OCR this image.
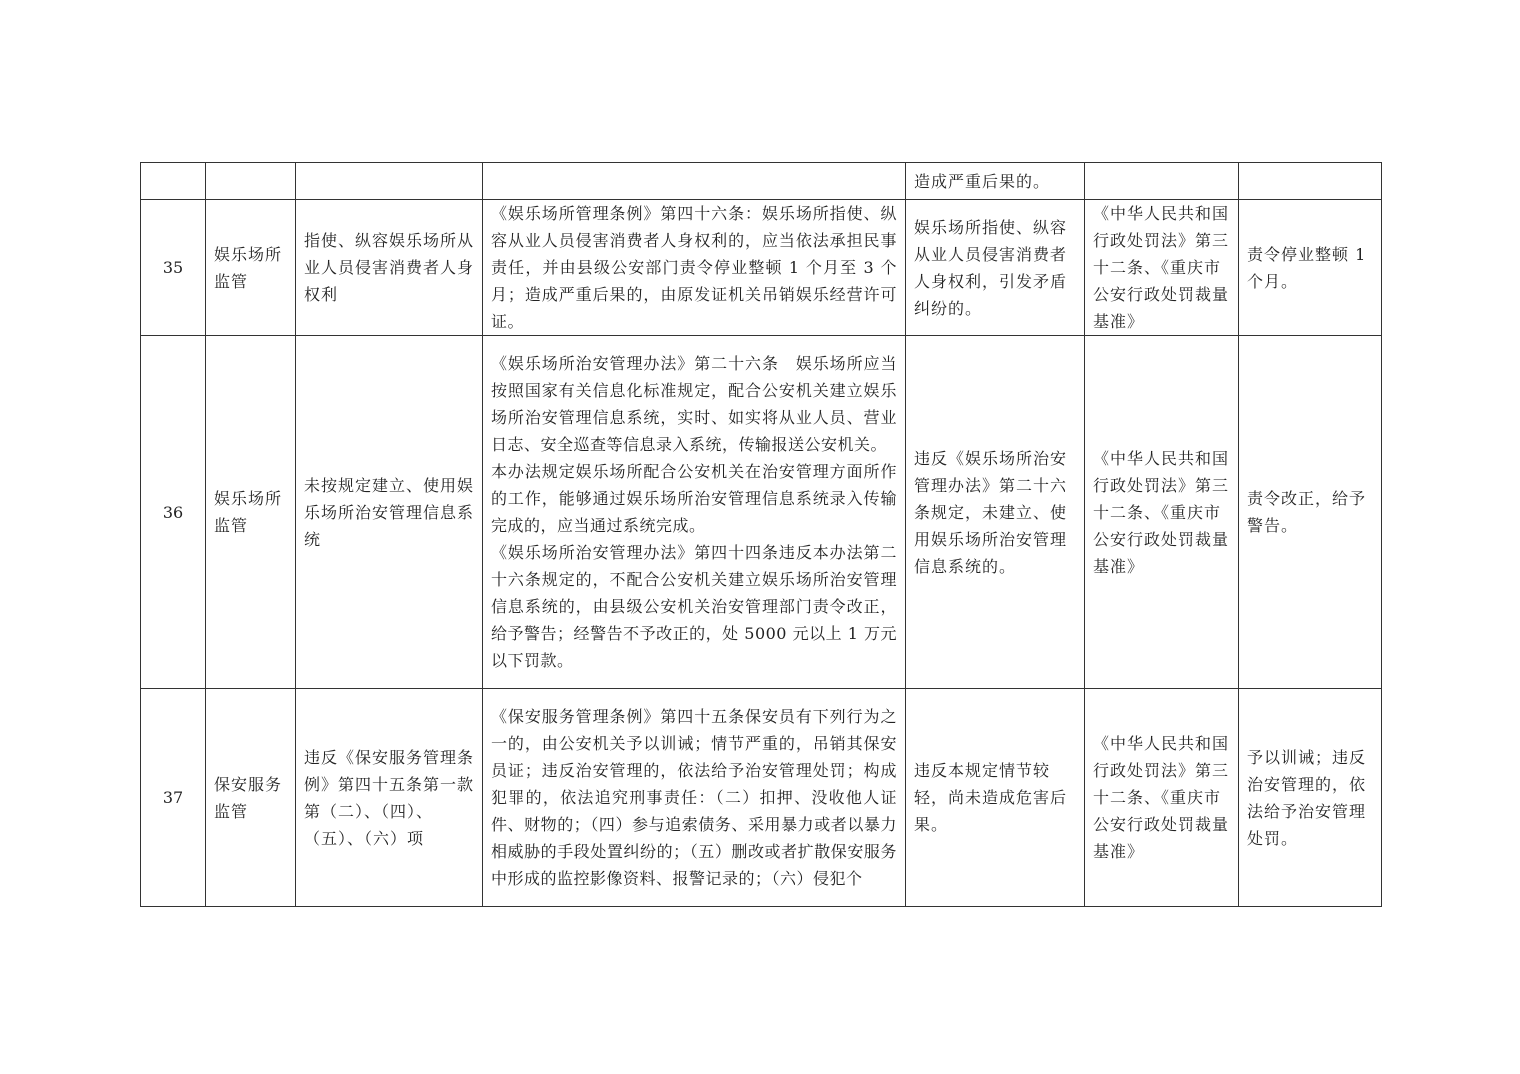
				造成严重后果的。		
35	娱乐场所监管	指使、纵容娱乐场所从业人员侵害消费者人身权利	《娱乐场所管理条例》第四十六条：娱乐场所指使、纵容从业人员侵害消费者人身权利的，应当依法承担民事责任，并由县级公安部门责令停业整顿 1 个月至 3 个月；造成严重后果的，由原发证机关吊销娱乐经营许可证。	娱乐场所指使、纵容从业人员侵害消费者人身权利，引发矛盾纠纷的。	《中华人民共和国行政处罚法》第三十二条、《重庆市公安行政处罚裁量基准》	责令停业整顿 1 个月。
36	娱乐场所监管	未按规定建立、使用娱乐场所治安管理信息系统	《娱乐场所治安管理办法》第二十六条　娱乐场所应当按照国家有关信息化标准规定，配合公安机关建立娱乐场所治安管理信息系统，实时、如实将从业人员、营业日志、安全巡查等信息录入系统，传输报送公安机关。
本办法规定娱乐场所配合公安机关在治安管理方面所作的工作，能够通过娱乐场所治安管理信息系统录入传输完成的，应当通过系统完成。
《娱乐场所治安管理办法》第四十四条违反本办法第二十六条规定的，不配合公安机关建立娱乐场所治安管理信息系统的，由县级公安机关治安管理部门责令改正，给予警告；经警告不予改正的，处 5000 元以上 1 万元以下罚款。	违反《娱乐场所治安管理办法》第二十六条规定，未建立、使用娱乐场所治安管理信息系统的。	《中华人民共和国行政处罚法》第三十二条、《重庆市公安行政处罚裁量基准》	责令改正，给予警告。
37	保安服务监管	违反《保安服务管理条例》第四十五条第一款第（二）、（四）、（五）、（六）项	《保安服务管理条例》第四十五条保安员有下列行为之一的，由公安机关予以训诫；情节严重的，吊销其保安员证；违反治安管理的，依法给予治安管理处罚；构成犯罪的，依法追究刑事责任：（二）扣押、没收他人证件、财物的；（四）参与追索债务、采用暴力或者以暴力相威胁的手段处置纠纷的；（五）删改或者扩散保安服务中形成的监控影像资料、报警记录的；（六）侵犯个	违反本规定情节较轻，尚未造成危害后果。	《中华人民共和国行政处罚法》第三十二条、《重庆市公安行政处罚裁量基准》	予以训诫；违反治安管理的，依法给予治安管理处罚。
